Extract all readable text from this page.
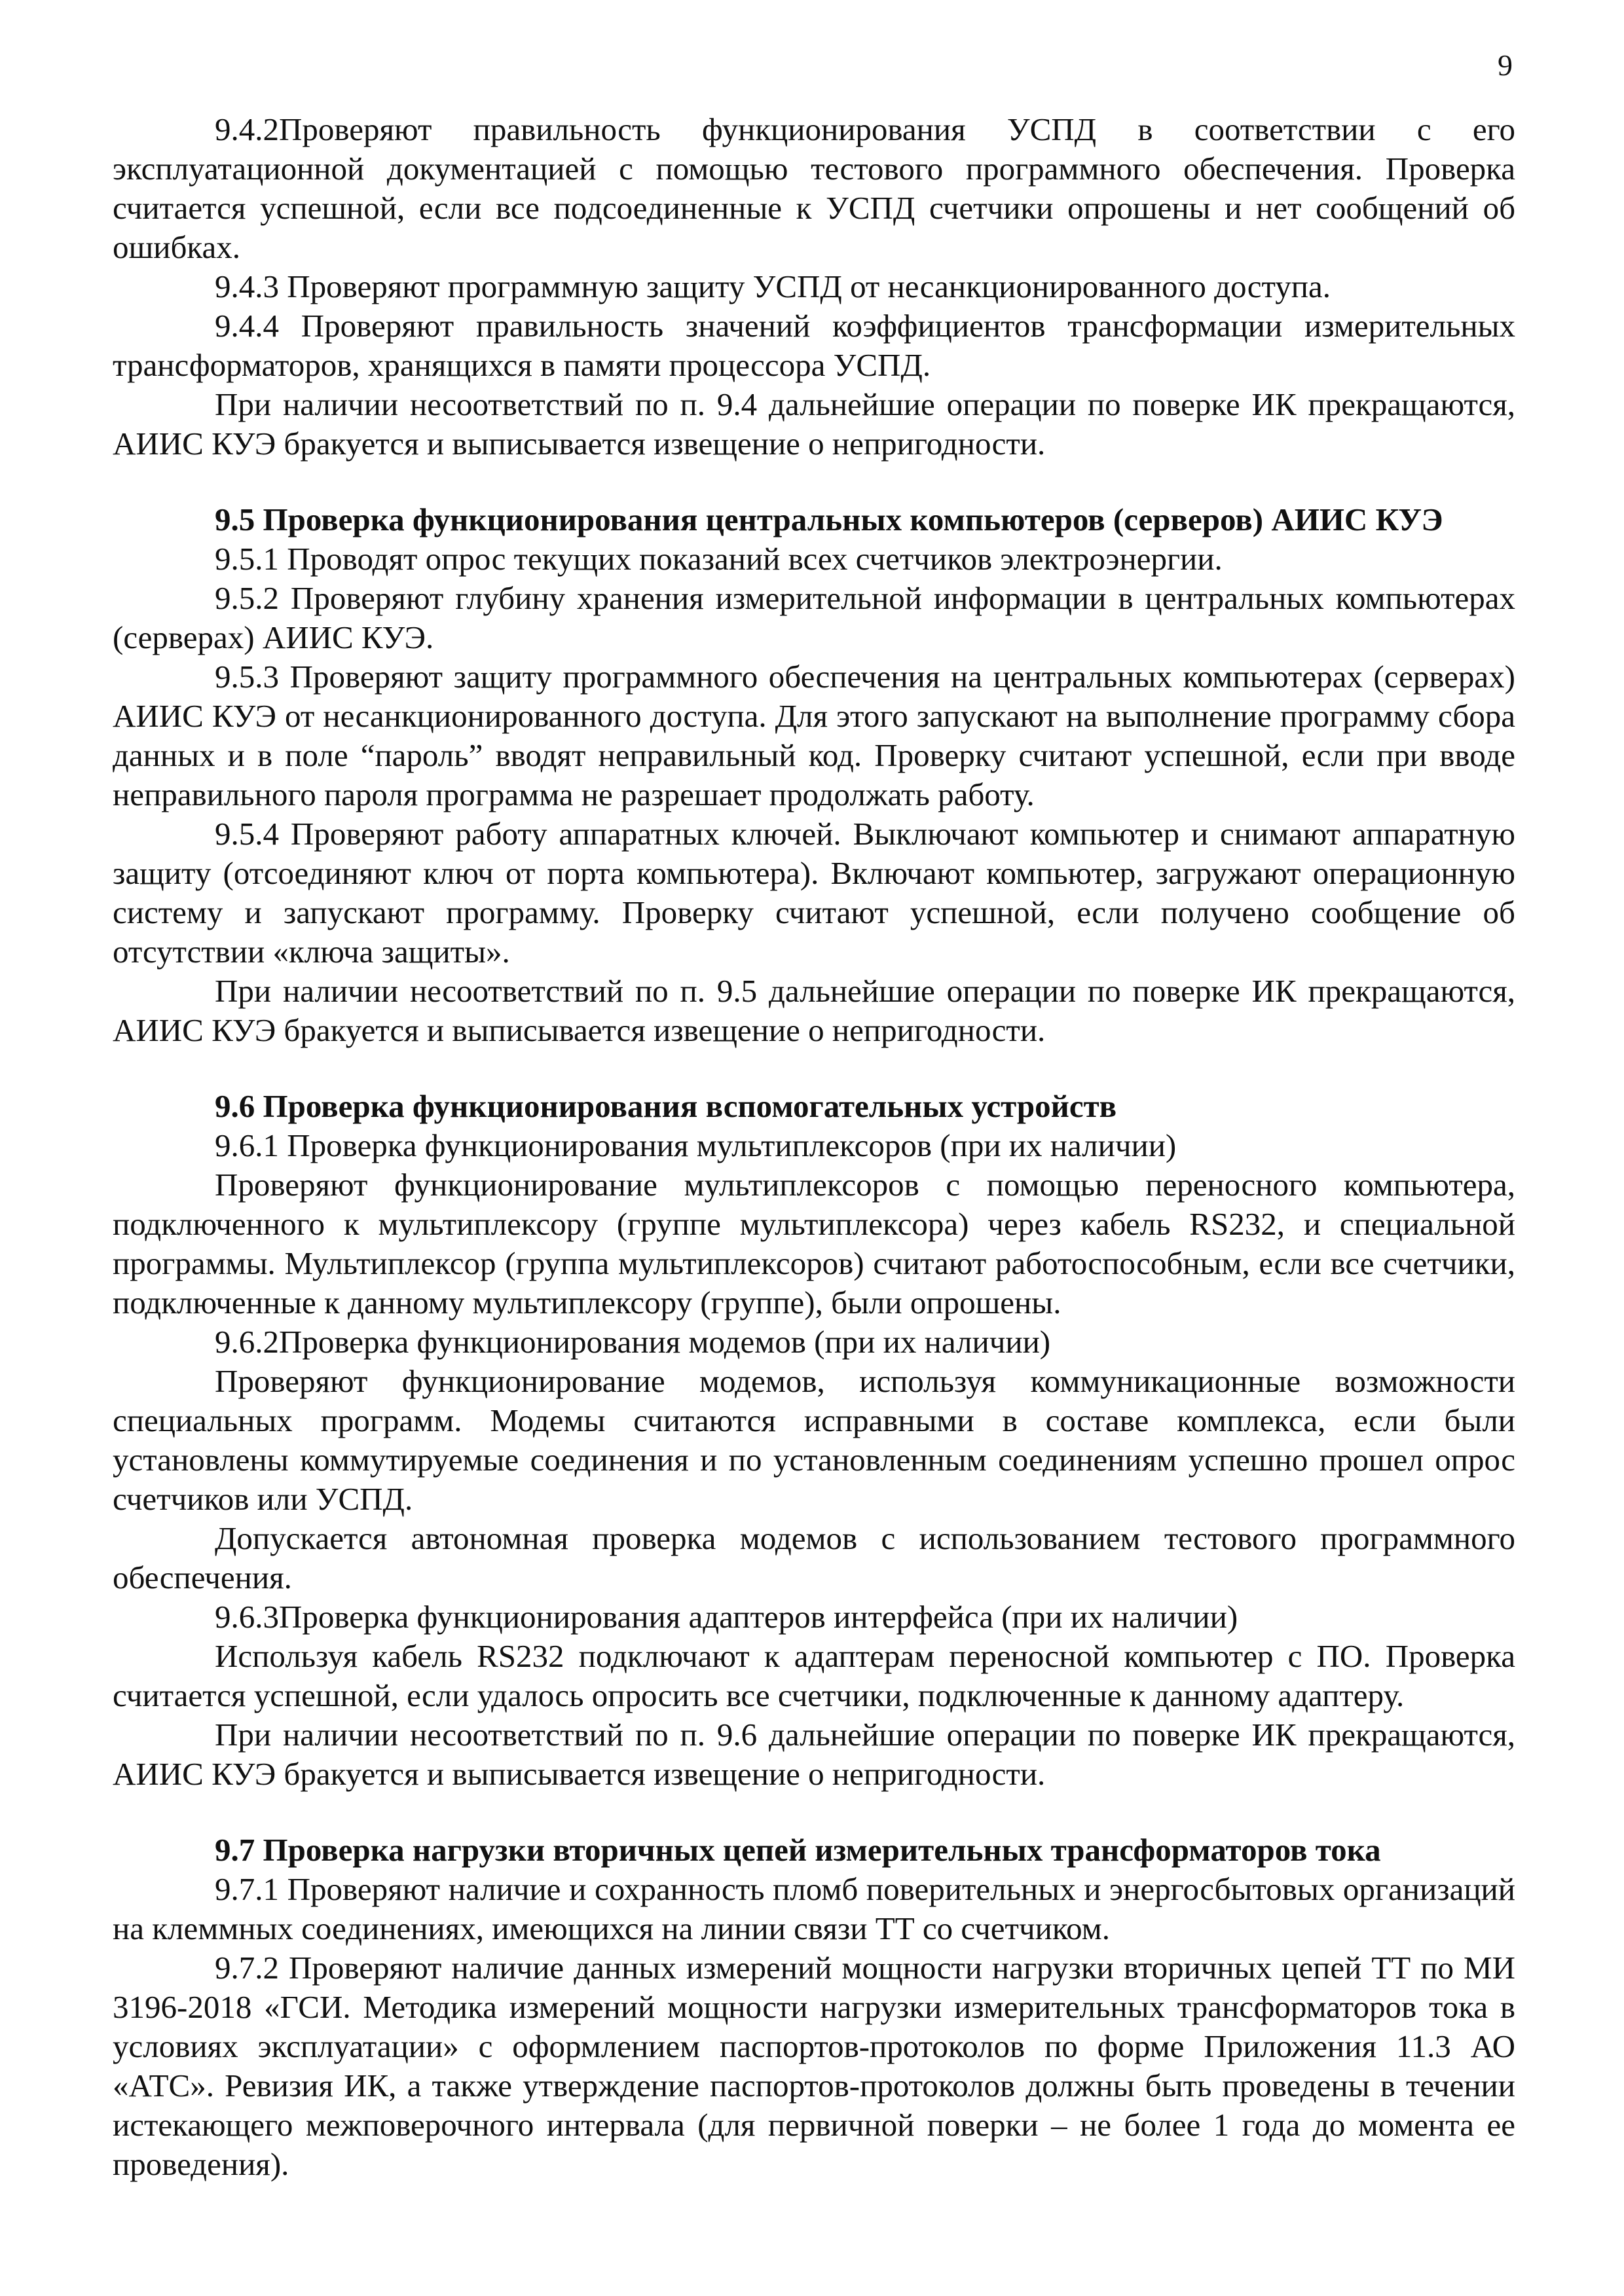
9

9.4.2Проверяют правильность функционирования УСПД в соответствии с его эксплуатационной документацией с помощью тестового программного обеспечения. Проверка считается успешной, если все подсоединенные к УСПД счетчики опрошены и нет сообщений об ошибках.

9.4.3 Проверяют программную защиту УСПД от несанкционированного доступа.

9.4.4 Проверяют правильность значений коэффициентов трансформации измерительных трансформаторов, хранящихся в памяти процессора УСПД.

При наличии несоответствий по п. 9.4 дальнейшие операции по поверке ИК прекращаются, АИИС КУЭ бракуется и выписывается извещение о непригодности.

9.5 Проверка функционирования центральных компьютеров (серверов) АИИС КУЭ

9.5.1 Проводят опрос текущих показаний всех счетчиков электроэнергии.

9.5.2 Проверяют глубину хранения измерительной информации в центральных компьютерах (серверах) АИИС КУЭ.

9.5.3 Проверяют защиту программного обеспечения на центральных компьютерах (серверах) АИИС КУЭ от несанкционированного доступа. Для этого запускают на выполнение программу сбора данных и в поле “пароль” вводят неправильный код. Проверку считают успешной, если при вводе неправильного пароля программа не разрешает продолжать работу.

9.5.4 Проверяют работу аппаратных ключей. Выключают компьютер и снимают аппаратную защиту (отсоединяют ключ от порта компьютера). Включают компьютер, загружают операционную систему и запускают программу. Проверку считают успешной, если получено сообщение об отсутствии «ключа защиты».

При наличии несоответствий по п. 9.5 дальнейшие операции по поверке ИК прекращаются, АИИС КУЭ бракуется и выписывается извещение о непригодности.

9.6 Проверка функционирования вспомогательных устройств

9.6.1 Проверка функционирования мультиплексоров (при их наличии)

Проверяют функционирование мультиплексоров с помощью переносного компьютера, подключенного к мультиплексору (группе мультиплексора) через кабель RS232, и специальной программы. Мультиплексор (группа мультиплексоров) считают работоспособным, если все счетчики, подключенные к данному мультиплексору (группе), были опрошены.

9.6.2Проверка функционирования модемов (при их наличии)

Проверяют функционирование модемов, используя коммуникационные возможности специальных программ. Модемы считаются исправными в составе комплекса, если были установлены коммутируемые соединения и по установленным соединениям успешно прошел опрос счетчиков или УСПД.

Допускается автономная проверка модемов с использованием тестового программного обеспечения.

9.6.3Проверка функционирования адаптеров интерфейса (при их наличии)

Используя кабель RS232 подключают к адаптерам переносной компьютер с ПО. Проверка считается успешной, если удалось опросить все счетчики, подключенные к данному адаптеру.

При наличии несоответствий по п. 9.6 дальнейшие операции по поверке ИК прекращаются, АИИС КУЭ бракуется и выписывается извещение о непригодности.

9.7 Проверка нагрузки вторичных цепей измерительных трансформаторов тока

9.7.1 Проверяют наличие и сохранность пломб поверительных и энергосбытовых организаций на клеммных соединениях, имеющихся на линии связи ТТ со счетчиком.

9.7.2 Проверяют наличие данных измерений мощности нагрузки вторичных цепей ТТ по МИ 3196-2018 «ГСИ. Методика измерений мощности нагрузки измерительных трансформаторов тока в условиях эксплуатации» с оформлением паспортов-протоколов по форме Приложения 11.3 АО «АТС». Ревизия ИК, а также утверждение паспортов-протоколов должны быть проведены в течении истекающего межповерочного интервала (для первичной поверки – не более 1 года до момента ее проведения).
